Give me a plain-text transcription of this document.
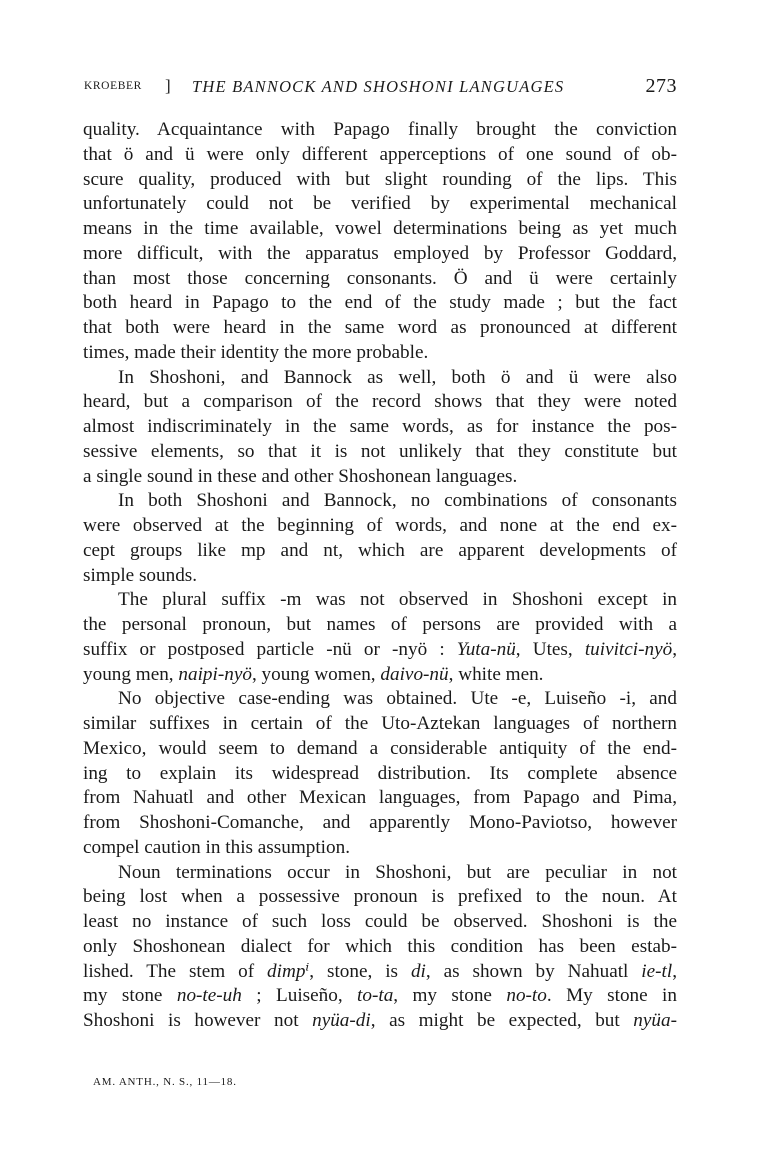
KROEBER ] THE BANNOCK AND SHOSHONI LANGUAGES	273
quality. Acquaintance with Papago finally brought the conviction
that ö and ü were only different apperceptions of one sound of ob-
scure quality, produced with but slight rounding of the lips. This
unfortunately could not be verified by experimental mechanical
means in the time available, vowel determinations being as yet much
more difficult, with the apparatus employed by Professor Goddard,
than most those concerning consonants. Ö and ü were certainly
both heard in Papago to the end of the study made ; but the fact
that both were heard in the same word as pronounced at different
times, made their identity the more probable.
In Shoshoni, and Bannock as well, both ö and ü were also
heard, but a comparison of the record shows that they were noted
almost indiscriminately in the same words, as for instance the pos-
sessive elements, so that it is not unlikely that they constitute but
a single sound in these and other Shoshonean languages.
In both Shoshoni and Bannock, no combinations of consonants
were observed at the beginning of words, and none at the end ex-
cept groups like mp and nt, which are apparent developments of
simple sounds.
The plural suffix -m was not observed in Shoshoni except in
the personal pronoun, but names of persons are provided with a
suffix or postposed particle -nü or -nyö : Yuta-nü, Utes, tuivitci-nyö,
young men, naipi-nyö, young women, daivo-nü, white men.
No objective case-ending was obtained. Ute -e, Luiseño -i, and
similar suffixes in certain of the Uto-Aztekan languages of northern
Mexico, would seem to demand a considerable antiquity of the end-
ing to explain its widespread distribution. Its complete absence
from Nahuatl and other Mexican languages, from Papago and Pima,
from Shoshoni-Comanche, and apparently Mono-Paviotso, however
compel caution in this assumption.
Noun terminations occur in Shoshoni, but are peculiar in not
being lost when a possessive pronoun is prefixed to the noun. At
least no instance of such loss could be observed. Shoshoni is the
only Shoshonean dialect for which this condition has been estab-
lished. The stem of dimpⁱ, stone, is di, as shown by Nahuatl ie-tl,
my stone no-te-uh ; Luiseño, to-ta, my stone no-to. My stone in
Shoshoni is however not nyüa-di, as might be expected, but nyüa-
AM. ANTH., N. S., 11—18.
